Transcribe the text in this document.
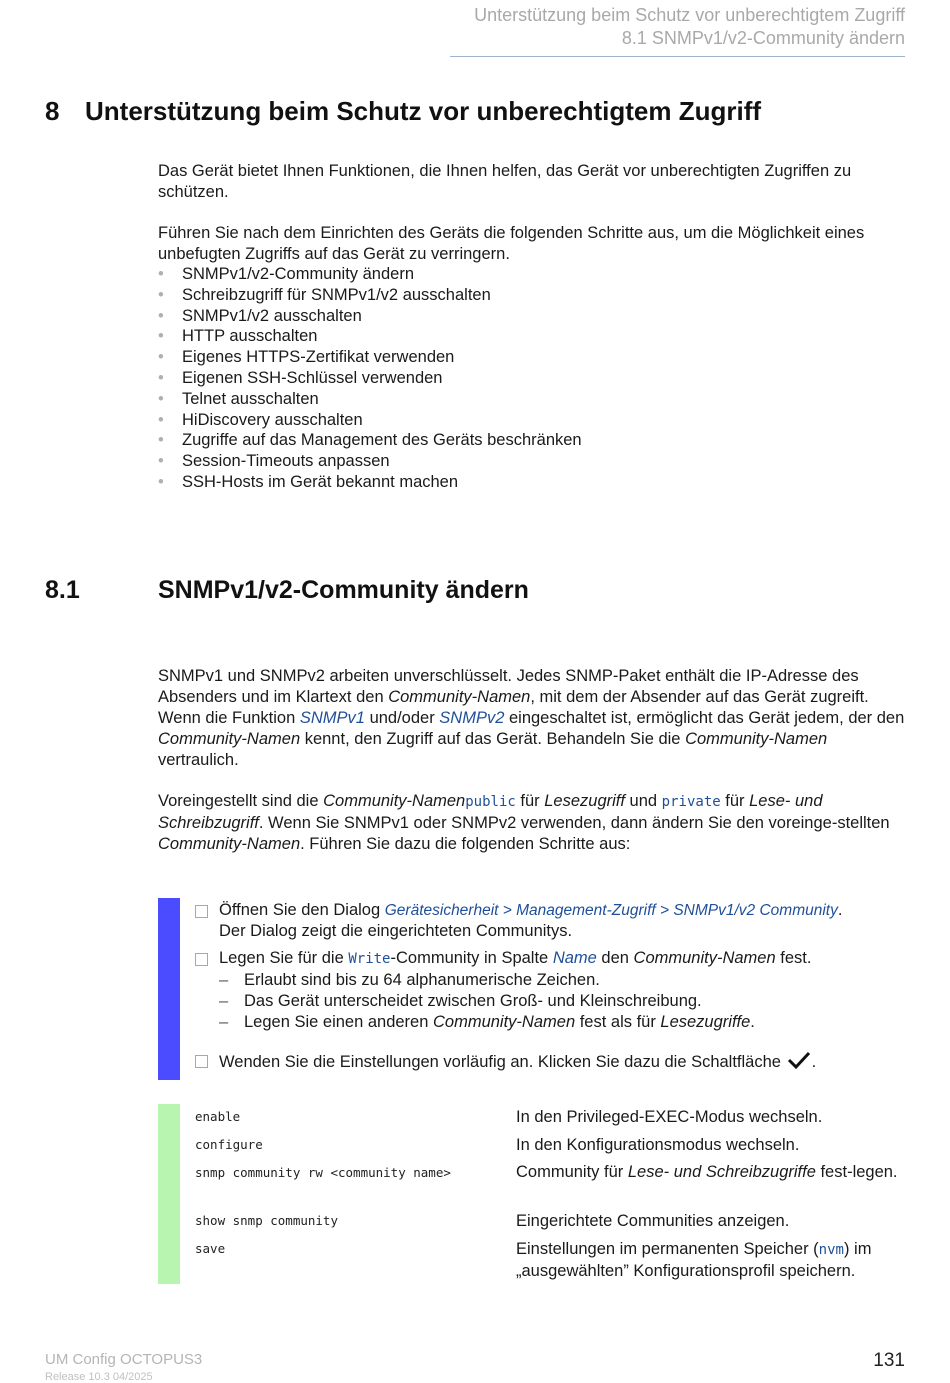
Unterstützung beim Schutz vor unberechtigtem Zugriff
8.1 SNMPv1/v2-Community ändern
8 Unterstützung beim Schutz vor unberechtigtem Zugriff
Das Gerät bietet Ihnen Funktionen, die Ihnen helfen, das Gerät vor unberechtigten Zugriffen zu schützen.
Führen Sie nach dem Einrichten des Geräts die folgenden Schritte aus, um die Möglichkeit eines unbefugten Zugriffs auf das Gerät zu verringern.
• SNMPv1/v2-Community ändern
• Schreibzugriff für SNMPv1/v2 ausschalten
• SNMPv1/v2 ausschalten
• HTTP ausschalten
• Eigenes HTTPS-Zertifikat verwenden
• Eigenen SSH-Schlüssel verwenden
• Telnet ausschalten
• HiDiscovery ausschalten
• Zugriffe auf das Management des Geräts beschränken
• Session-Timeouts anpassen
• SSH-Hosts im Gerät bekannt machen
8.1	SNMPv1/v2-Community ändern
SNMPv1 und SNMPv2 arbeiten unverschlüsselt. Jedes SNMP-Paket enthält die IP-Adresse des Absenders und im Klartext den Community-Namen, mit dem der Absender auf das Gerät zugreift. Wenn die Funktion SNMPv1 und/oder SNMPv2 eingeschaltet ist, ermöglicht das Gerät jedem, der den Community-Namen kennt, den Zugriff auf das Gerät. Behandeln Sie die Community-Namen vertraulich.
Voreingestellt sind die Community-Namenpublic für Lesezugriff und private für Lese- und Schreibzugriff. Wenn Sie SNMPv1 oder SNMPv2 verwenden, dann ändern Sie den voreinge-stellten Community-Namen. Führen Sie dazu die folgenden Schritte aus:
Öffnen Sie den Dialog Gerätesicherheit > Management-Zugriff > SNMPv1/v2 Community.
Der Dialog zeigt die eingerichteten Communitys.
Legen Sie für die Write-Community in Spalte Name den Community-Namen fest.
– Erlaubt sind bis zu 64 alphanumerische Zeichen.
– Das Gerät unterscheidet zwischen Groß- und Kleinschreibung.
– Legen Sie einen anderen Community-Namen fest als für Lesezugriffe.
Wenden Sie die Einstellungen vorläufig an. Klicken Sie dazu die Schaltfläche .
enable	In den Privileged-EXEC-Modus wechseln.
configure	In den Konfigurationsmodus wechseln.
snmp community rw <community name>	Community für Lese- und Schreibzugriffe fest-legen.
show snmp community	Eingerichtete Communities anzeigen.
save	Einstellungen im permanenten Speicher (nvm) im „ausgewählten” Konfigurationsprofil speichern.
UM Config OCTOPUS3
Release 10.3 04/2025
131
